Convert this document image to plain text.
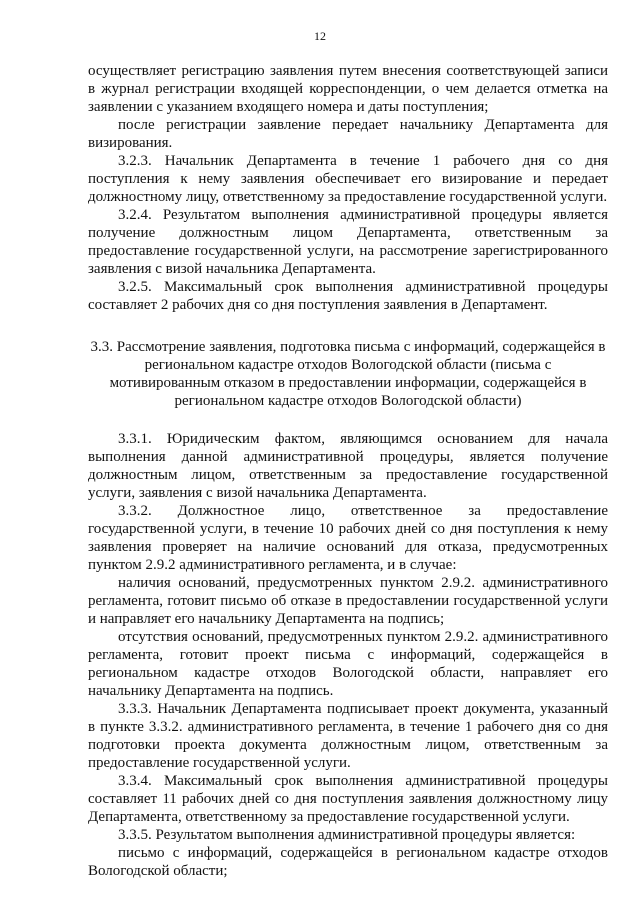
12

осуществляет регистрацию заявления путем внесения соответствующей записи в журнал регистрации входящей корреспонденции, о чем делается отметка на заявлении с указанием входящего номера и даты поступления;

после регистрации заявление передает начальнику Департамента для визирования.

3.2.3. Начальник Департамента в течение 1 рабочего дня со дня поступления к нему заявления обеспечивает его визирование и передает должностному лицу, ответственному за предоставление государственной услуги.

3.2.4. Результатом выполнения административной процедуры является получение должностным лицом Департамента, ответственным за предоставление государственной услуги, на рассмотрение зарегистрированного заявления с визой начальника Департамента.

3.2.5. Максимальный срок выполнения административной процедуры составляет 2 рабочих дня со дня поступления заявления в Департамент.

3.3. Рассмотрение заявления, подготовка письма с информаций, содержащейся в региональном кадастре отходов Вологодской области (письма с мотивированным отказом в предоставлении информации, содержащейся в региональном кадастре отходов Вологодской области)

3.3.1. Юридическим фактом, являющимся основанием для начала выполнения данной административной процедуры, является получение должностным лицом, ответственным за предоставление государственной услуги, заявления с визой начальника Департамента.

3.3.2. Должностное лицо, ответственное за предоставление государственной услуги, в течение 10 рабочих дней со дня поступления к нему заявления проверяет на наличие оснований для отказа, предусмотренных пунктом 2.9.2 административного регламента, и в случае:

наличия оснований, предусмотренных пунктом 2.9.2. административного регламента, готовит письмо об отказе в предоставлении государственной услуги и направляет его начальнику Департамента на подпись;

отсутствия оснований, предусмотренных пунктом 2.9.2. административного регламента, готовит проект письма с информаций, содержащейся в региональном кадастре отходов Вологодской области, направляет его начальнику Департамента на подпись.

3.3.3. Начальник Департамента подписывает проект документа, указанный в пункте 3.3.2. административного регламента, в течение 1 рабочего дня со дня подготовки проекта документа должностным лицом, ответственным за предоставление государственной услуги.

3.3.4. Максимальный срок выполнения административной процедуры составляет 11 рабочих дней со дня поступления заявления должностному лицу Департамента, ответственному за предоставление государственной услуги.

3.3.5. Результатом выполнения административной процедуры является:

письмо с информаций, содержащейся в региональном кадастре отходов Вологодской области;
